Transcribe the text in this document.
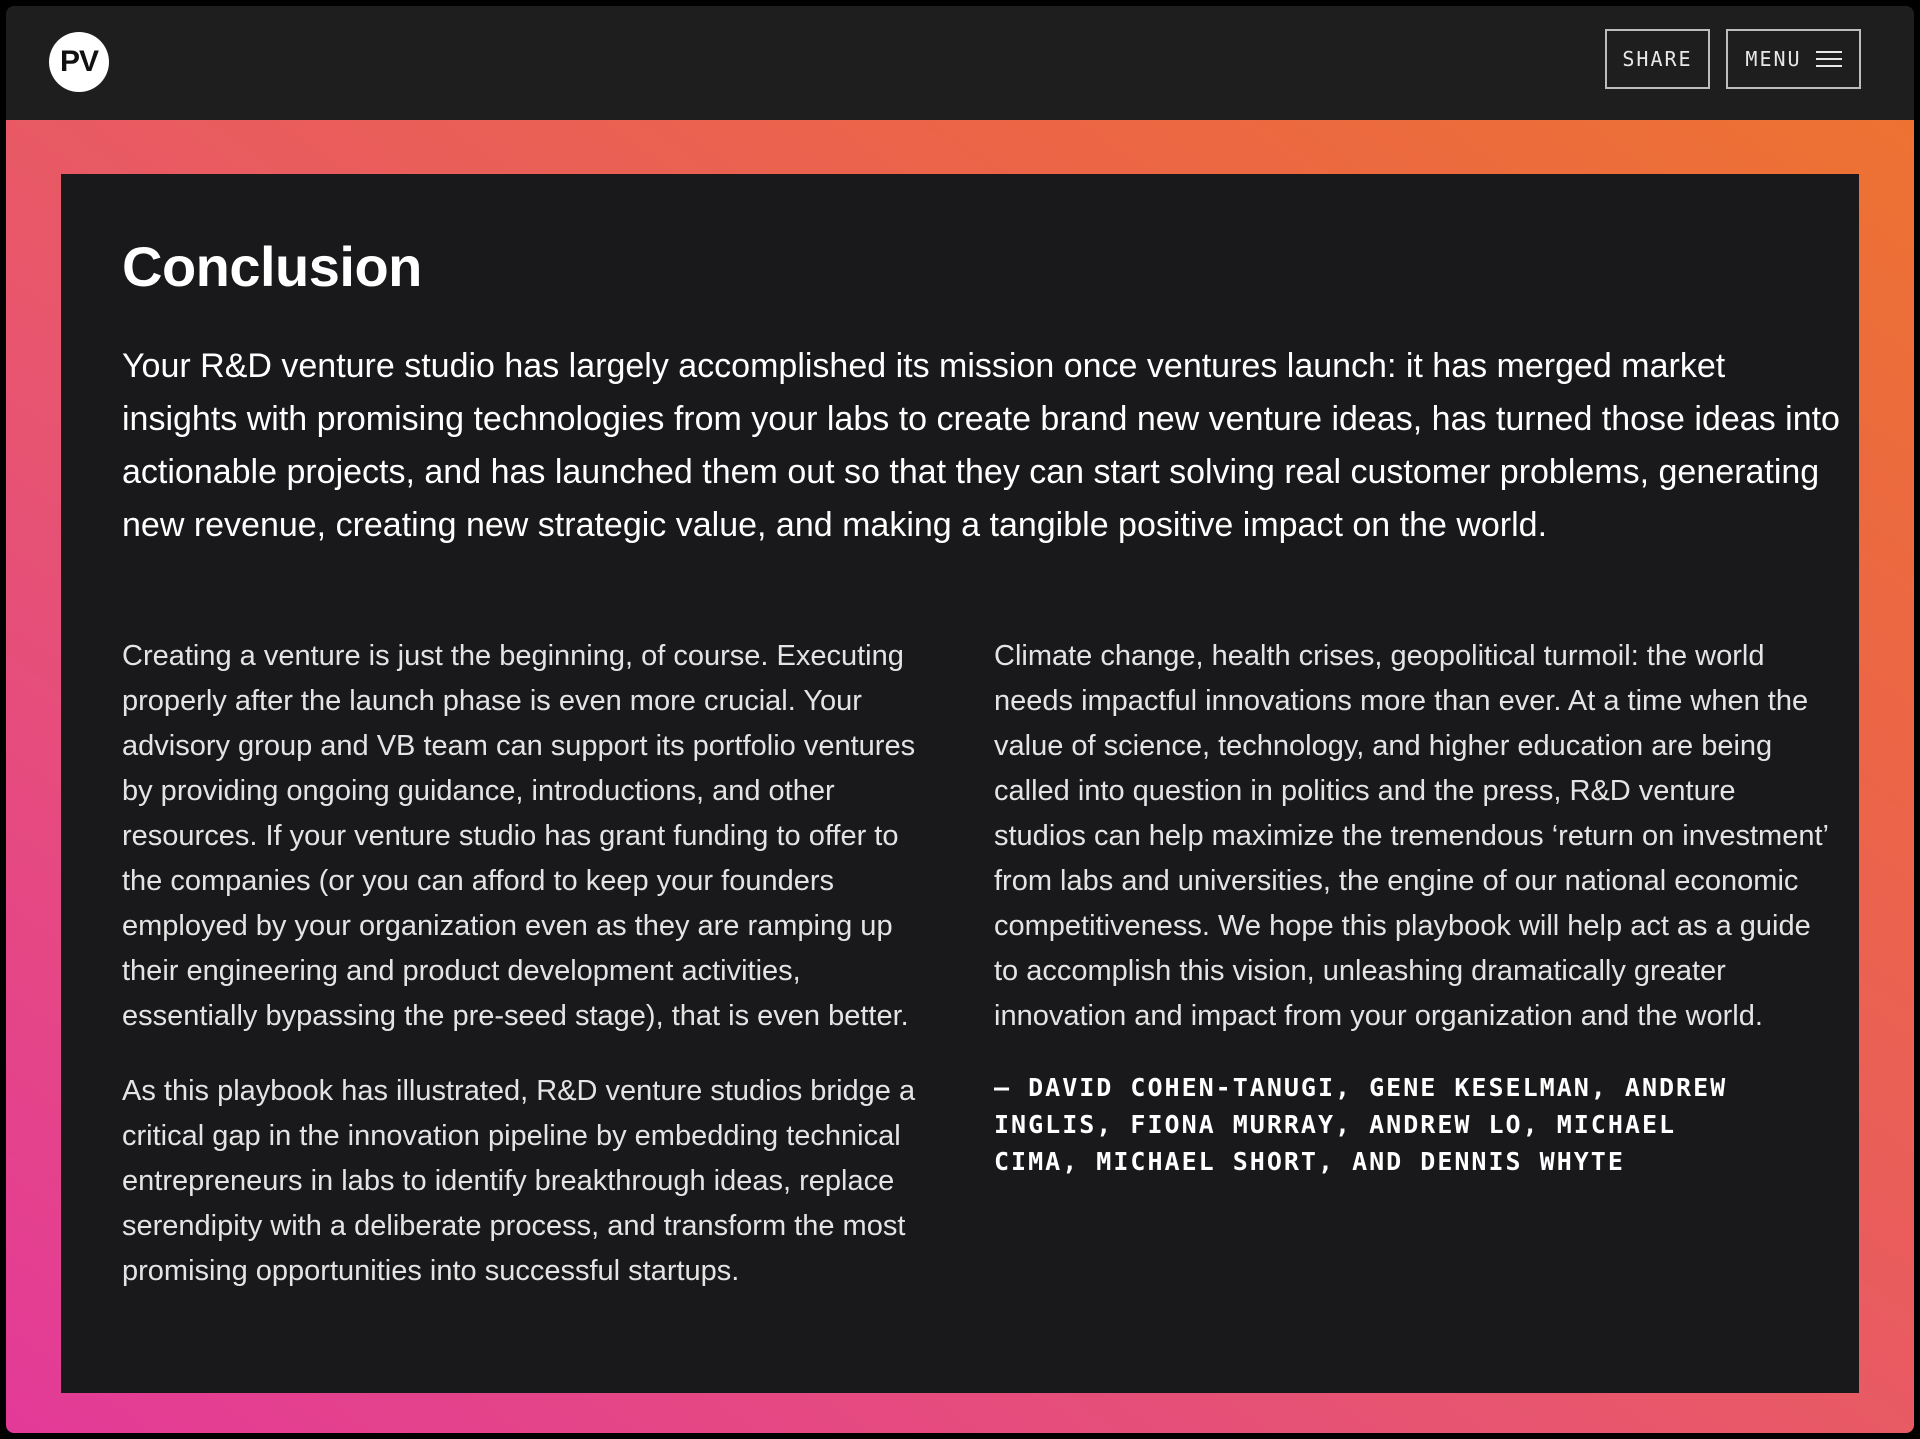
PV	SHARE	MENU
Conclusion

Your R&D venture studio has largely accomplished its mission once ventures launch: it has merged market insights with promising technologies from your labs to create brand new venture ideas, has turned those ideas into actionable projects, and has launched them out so that they can start solving real customer problems, generating new revenue, creating new strategic value, and making a tangible positive impact on the world.

Creating a venture is just the beginning, of course. Executing properly after the launch phase is even more crucial. Your advisory group and VB team can support its portfolio ventures by providing ongoing guidance, introductions, and other resources. If your venture studio has grant funding to offer to the companies (or you can afford to keep your founders employed by your organization even as they are ramping up their engineering and product development activities, essentially bypassing the pre-seed stage), that is even better.

As this playbook has illustrated, R&D venture studios bridge a critical gap in the innovation pipeline by embedding technical entrepreneurs in labs to identify breakthrough ideas, replace serendipity with a deliberate process, and transform the most promising opportunities into successful startups.

Climate change, health crises, geopolitical turmoil: the world needs impactful innovations more than ever. At a time when the value of science, technology, and higher education are being called into question in politics and the press, R&D venture studios can help maximize the tremendous ‘return on investment’ from labs and universities, the engine of our national economic competitiveness. We hope this playbook will help act as a guide to accomplish this vision, unleashing dramatically greater innovation and impact from your organization and the world.

— DAVID COHEN-TANUGI, GENE KESELMAN, ANDREW INGLIS, FIONA MURRAY, ANDREW LO, MICHAEL CIMA, MICHAEL SHORT, AND DENNIS WHYTE
